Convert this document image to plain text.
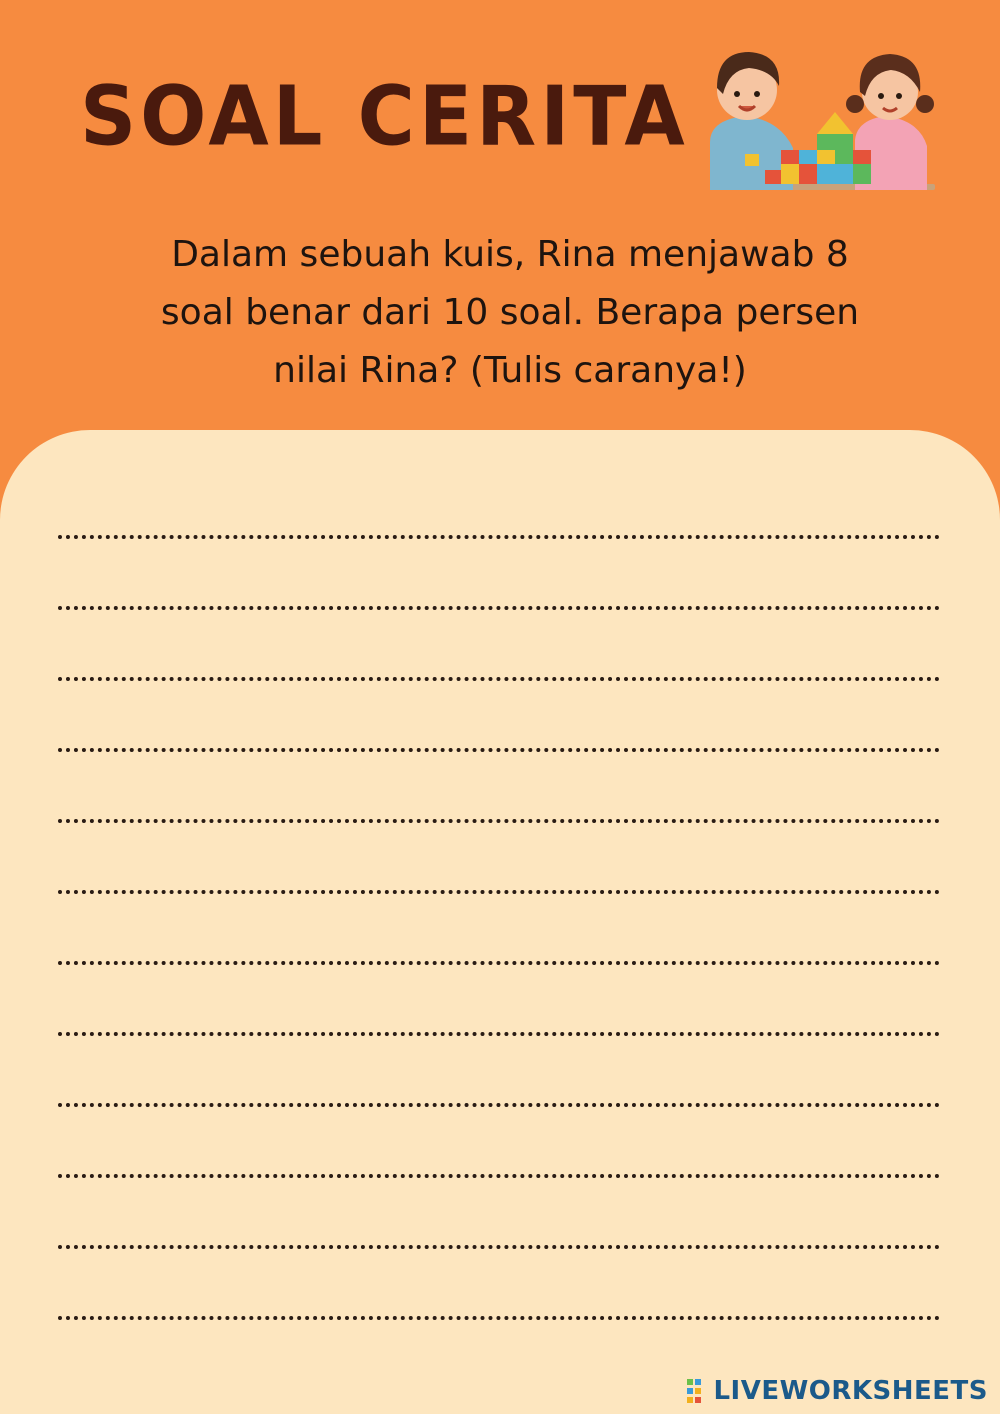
SOAL CERITA

Dalam sebuah kuis, Rina menjawab 8 soal benar dari 10 soal. Berapa persen nilai Rina? (Tulis caranya!)

LIVEWORKSHEETS
